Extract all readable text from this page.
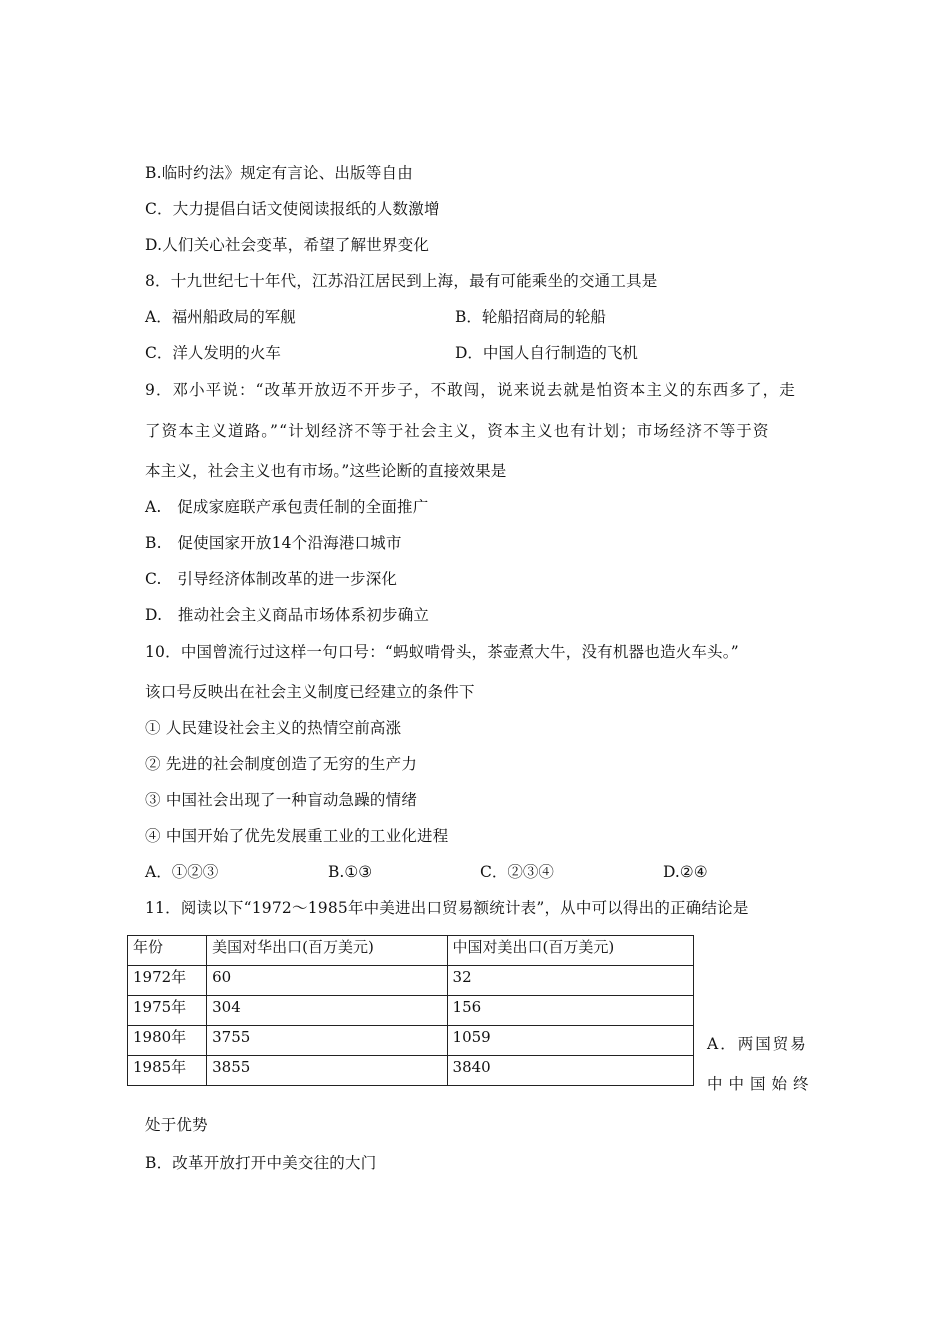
B.临时约法》规定有言论、出版等自由
C．大力提倡白话文使阅读报纸的人数激增
D.人们关心社会变革，希望了解世界变化
8．十九世纪七十年代，江苏沿江居民到上海，最有可能乘坐的交通工具是
A．福州船政局的军舰	B．轮船招商局的轮船
C．洋人发明的火车	D．中国人自行制造的飞机
9．邓小平说：“改革开放迈不开步子，不敢闯，说来说去就是怕资本主义的东西多了，走
了资本主义道路。”“计划经济不等于社会主义，资本主义也有计划；市场经济不等于资
本主义，社会主义也有市场。”这些论断的直接效果是
A.　促成家庭联产承包责任制的全面推广
B.　促使国家开放14个沿海港口城市
C.　引导经济体制改革的进一步深化
D.　推动社会主义商品市场体系初步确立
10．中国曾流行过这样一句口号：“蚂蚁啃骨头，茶壶煮大牛，没有机器也造火车头。”
该口号反映出在社会主义制度已经建立的条件下
① 人民建设社会主义的热情空前高涨
② 先进的社会制度创造了无穷的生产力
③ 中国社会出现了一种盲动急躁的情绪
④ 中国开始了优先发展重工业的工业化进程
A．①②③	B.①③	C．②③④	D.②④
11．阅读以下“1972～1985年中美进出口贸易额统计表”，从中可以得出的正确结论是
年份	美国对华出口(百万美元)	中国对美出口(百万美元)
1972年	60	32
1975年	304	156
1980年	3755	1059
1985年	3855	3840
A．两国贸易
中中国始终
处于优势
B．改革开放打开中美交往的大门
